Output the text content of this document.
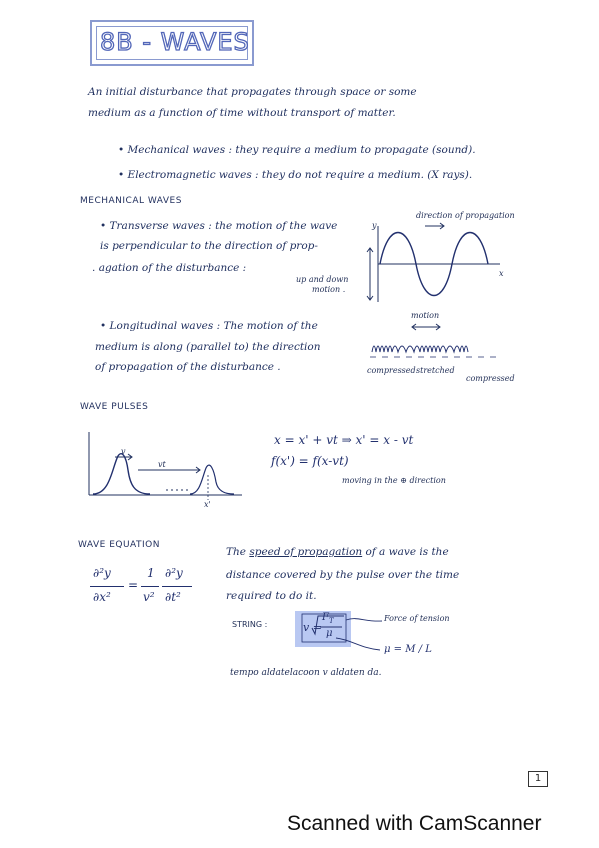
8B - WAVES
An initial disturbance that propagates through space or some
medium as a function of time without transport of matter.
• Mechanical waves : they require a medium to propagate (sound).
• Electromagnetic waves : they do not require a medium. (X rays).
MECHANICAL WAVES
• Transverse waves : the motion of the wave
is perpendicular to the direction of prop-
. agation of the disturbance :
direction of propagation
y
x
up and down
motion .
• Longitudinal waves : The motion of the
medium is along (parallel to) the direction
of propagation of the disturbance .
motion
compressed stretched
compressed
WAVE PULSES
v
vt
x'
x = x' + vt ⇒ x' = x - vt
f(x') = f(x-vt)
moving in the ⊕ direction
WAVE EQUATION
∂²y
∂x²
=
1
v²
∂²y
∂t²
The speed of propagation of a wave is the
distance covered by the pulse over the time
required to do it.
STRING :	v =
$F_T$
μ
Force of tension
μ = M / L
tempo aldatelacoon v aldaten da.
1
Scanned with CamScanner
